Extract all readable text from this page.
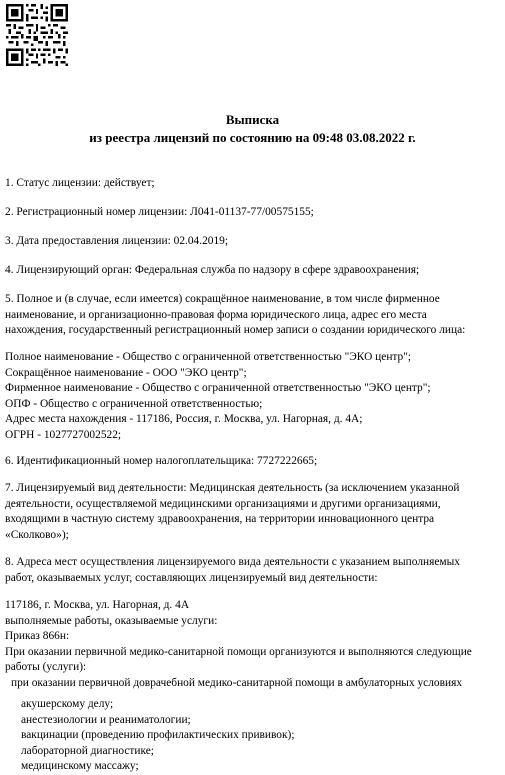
Выписка
из реестра лицензий по состоянию на 09:48 03.08.2022 г.
1. Статус лицензии: действует;
2. Регистрационный номер лицензии: Л041-01137-77/00575155;
3. Дата предоставления лицензии: 02.04.2019;
4. Лицензирующий орган: Федеральная служба по надзору в сфере здравоохранения;
5. Полное и (в случае, если имеется) сокращённое наименование, в том числе фирменное
наименование, и организационно-правовая форма юридического лица, адрес его места
нахождения, государственный регистрационный номер записи о создании юридического лица:
Полное наименование - Общество с ограниченной ответственностью "ЭКО центр";
Сокращённое наименование - ООО "ЭКО центр";
Фирменное наименование - Общество с ограниченной ответственностью "ЭКО центр";
ОПФ - Общество с ограниченной ответственностью;
Адрес места нахождения - 117186, Россия, г. Москва, ул. Нагорная, д. 4А;
ОГРН - 1027727002522;
6. Идентификационный номер налогоплательщика: 7727222665;
7. Лицензируемый вид деятельности: Медицинская деятельность (за исключением указанной
деятельности, осуществляемой медицинскими организациями и другими организациями,
входящими в частную систему здравоохранения, на территории инновационного центра
«Сколково»);
8. Адреса мест осуществления лицензируемого вида деятельности с указанием выполняемых
работ, оказываемых услуг, составляющих лицензируемый вид деятельности:
117186, г. Москва, ул. Нагорная, д. 4А
выполняемые работы, оказываемые услуги:
Приказ 866н:
При оказании первичной медико-санитарной помощи организуются и выполняются следующие
работы (услуги):
при оказании первичной доврачебной медико-санитарной помощи в амбулаторных условиях
акушерскому делу;
анестезиологии и реаниматологии;
вакцинации (проведению профилактических прививок);
лабораторной диагностике;
медицинскому массажу;
